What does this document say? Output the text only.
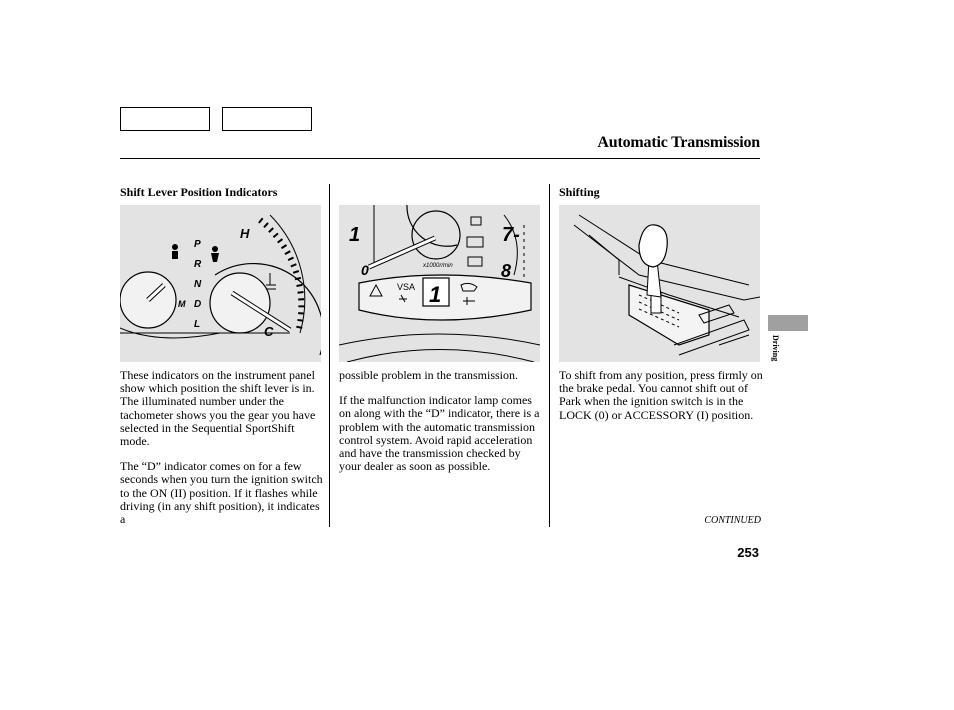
Automatic Transmission
Shift Lever Position Indicators	Shifting
P
R
N
D
L
M
H
C
1
VSA
1
0
7-
8
x1000r/min

These indicators on the instrument panel show which position the shift lever is in. The illuminated number under the tachometer shows you the gear you have selected in the Sequential SportShift mode.

The “D” indicator comes on for a few seconds when you turn the ignition switch to the ON (II) position. If it flashes while driving (in any shift position), it indicates a

possible problem in the transmission.

If the malfunction indicator lamp comes on along with the “D” indicator, there is a problem with the automatic transmission control system. Avoid rapid acceleration and have the transmission checked by your dealer as soon as possible.

To shift from any position, press firmly on the brake pedal. You cannot shift out of Park when the ignition switch is in the LOCK (0) or ACCESSORY (I) position.

CONTINUED
253
Driving
